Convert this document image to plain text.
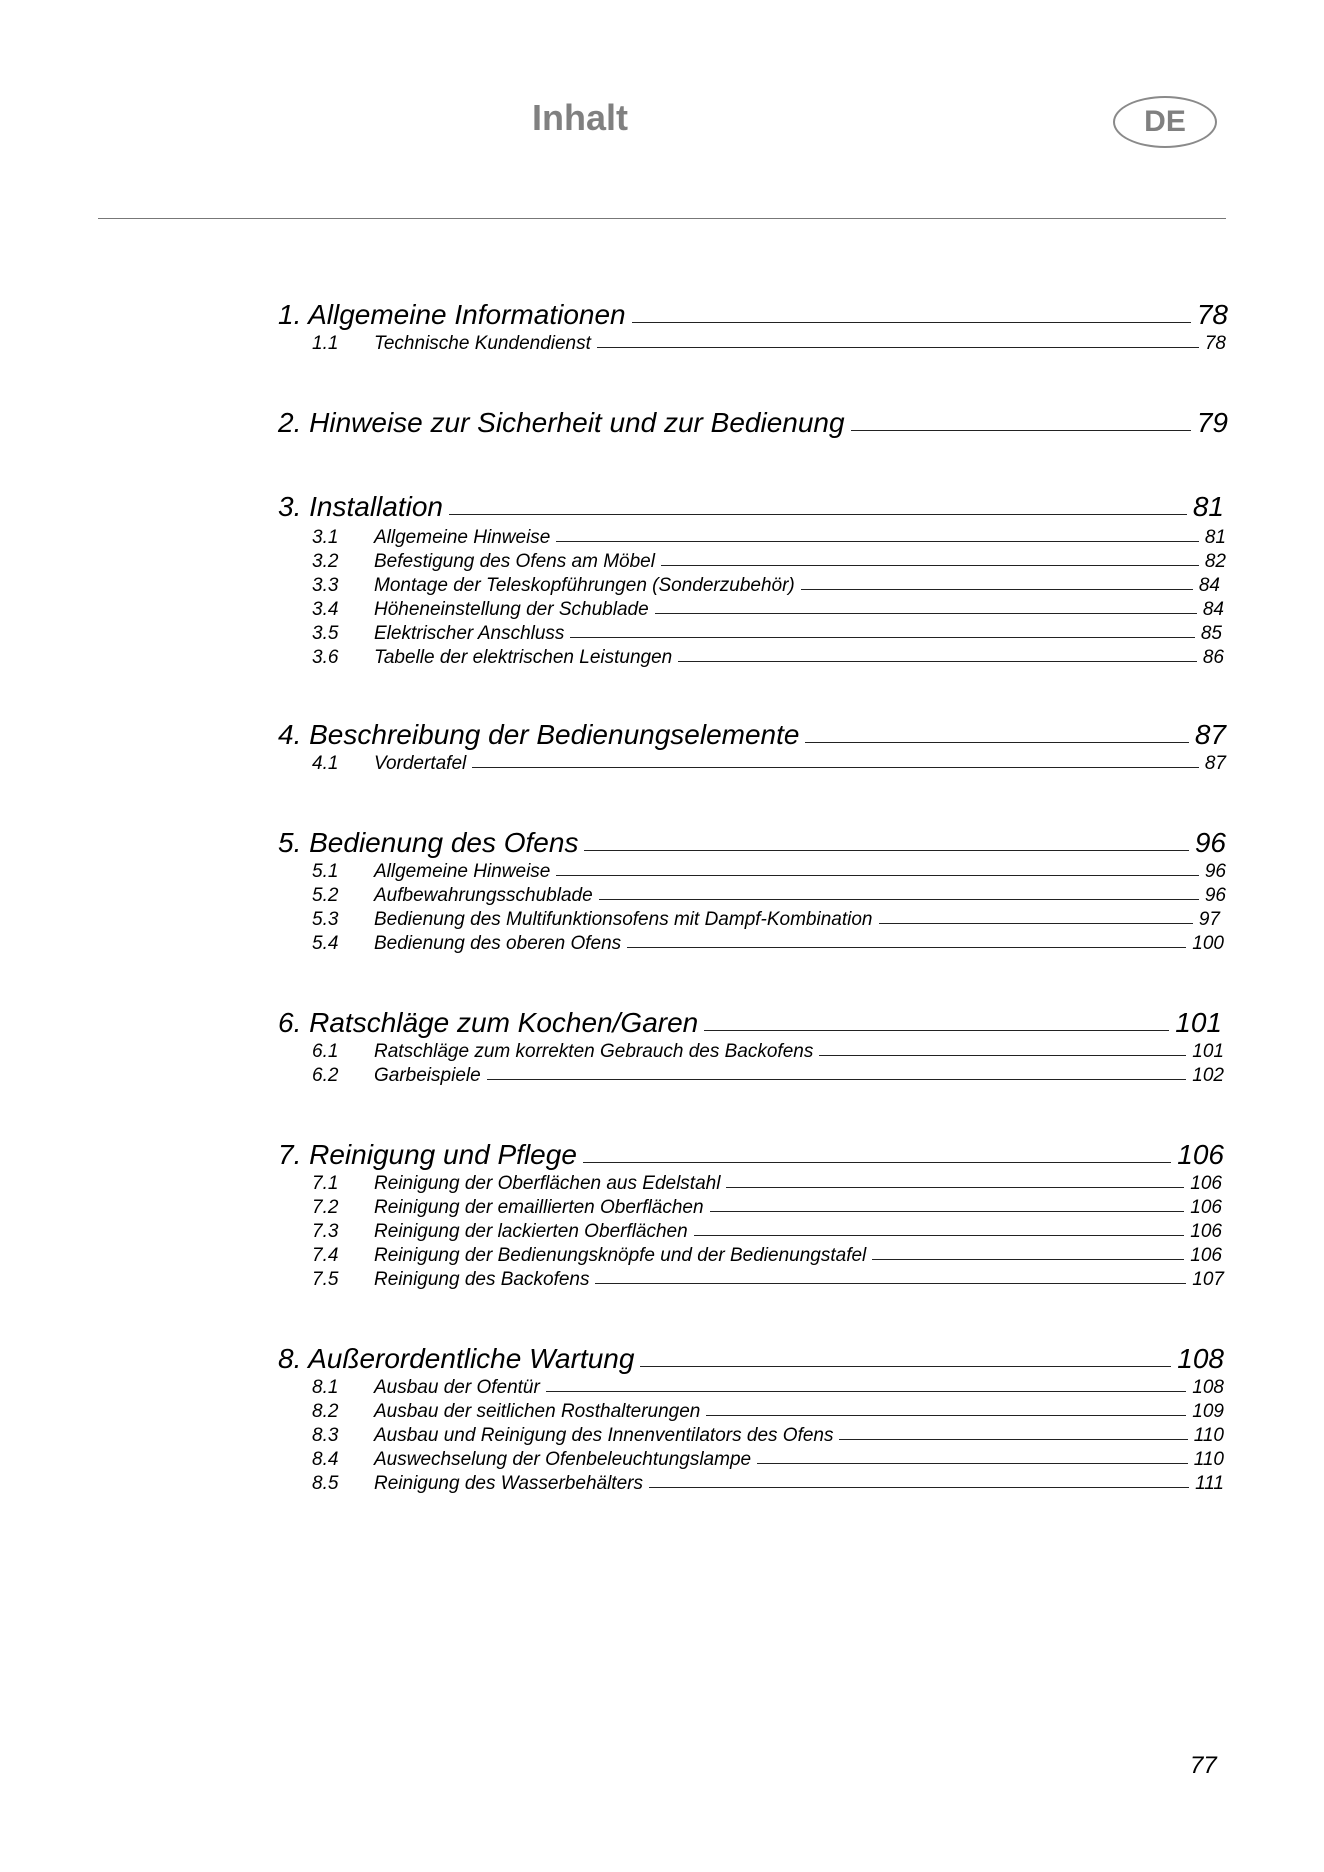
Inhalt	DE
1. Allgemeine Informationen	78
1.1	Technische Kundendienst	78
2. Hinweise zur Sicherheit und zur Bedienung	79
3. Installation	81
3.1	Allgemeine Hinweise	81
3.2	Befestigung des Ofens am Möbel	82
3.3	Montage der Teleskopführungen (Sonderzubehör)	84
3.4	Höheneinstellung der Schublade	84
3.5	Elektrischer Anschluss	85
3.6	Tabelle der elektrischen Leistungen	86
4. Beschreibung der Bedienungselemente	87
4.1	Vordertafel	87
5. Bedienung des Ofens	96
5.1	Allgemeine Hinweise	96
5.2	Aufbewahrungsschublade	96
5.3	Bedienung des Multifunktionsofens mit Dampf-Kombination	97
5.4	Bedienung des oberen Ofens	100
6. Ratschläge zum Kochen/Garen	101
6.1	Ratschläge zum korrekten Gebrauch des Backofens	101
6.2	Garbeispiele	102
7. Reinigung und Pflege	106
7.1	Reinigung der Oberflächen aus Edelstahl	106
7.2	Reinigung der emaillierten Oberflächen	106
7.3	Reinigung der lackierten Oberflächen	106
7.4	Reinigung der Bedienungsknöpfe und der Bedienungstafel	106
7.5	Reinigung des Backofens	107
8. Außerordentliche Wartung	108
8.1	Ausbau der Ofentür	108
8.2	Ausbau der seitlichen Rosthalterungen	109
8.3	Ausbau und Reinigung des Innenventilators des Ofens	110
8.4	Auswechselung der Ofenbeleuchtungslampe	110
8.5	Reinigung des Wasserbehälters	111
77
